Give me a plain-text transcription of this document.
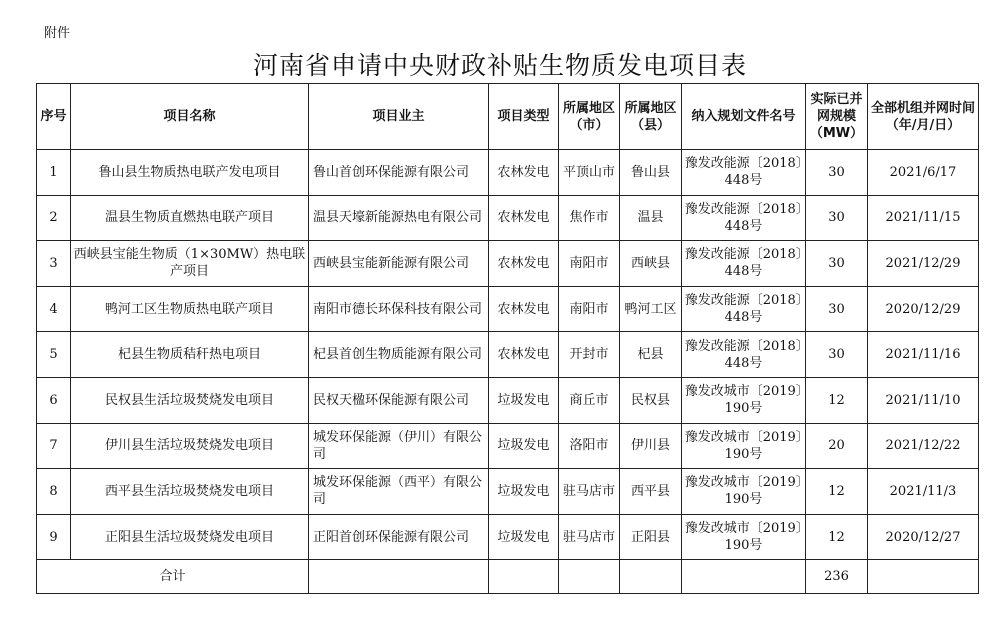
附件
河南省申请中央财政补贴生物质发电项目表
序号	项目名称	项目业主	项目类型	所属地区（市）	所属地区（县）	纳入规划文件名号	实际已并网规模（MW）	全部机组并网时间（年/月/日）
1	鲁山县生物质热电联产发电项目	鲁山首创环保能源有限公司	农林发电	平顶山市	鲁山县	豫发改能源〔2018〕448号	30	2021/6/17
2	温县生物质直燃热电联产项目	温县天壕新能源热电有限公司	农林发电	焦作市	温县	豫发改能源〔2018〕448号	30	2021/11/15
3	西峡县宝能生物质（1×30MW）热电联产项目	西峡县宝能新能源有限公司	农林发电	南阳市	西峡县	豫发改能源〔2018〕448号	30	2021/12/29
4	鸭河工区生物质热电联产项目	南阳市德长环保科技有限公司	农林发电	南阳市	鸭河工区	豫发改能源〔2018〕448号	30	2020/12/29
5	杞县生物质秸秆热电项目	杞县首创生物质能源有限公司	农林发电	开封市	杞县	豫发改能源〔2018〕448号	30	2021/11/16
6	民权县生活垃圾焚烧发电项目	民权天楹环保能源有限公司	垃圾发电	商丘市	民权县	豫发改城市〔2019〕190号	12	2021/11/10
7	伊川县生活垃圾焚烧发电项目	城发环保能源（伊川）有限公司	垃圾发电	洛阳市	伊川县	豫发改城市〔2019〕190号	20	2021/12/22
8	西平县生活垃圾焚烧发电项目	城发环保能源（西平）有限公司	垃圾发电	驻马店市	西平县	豫发改城市〔2019〕190号	12	2021/11/3
9	正阳县生活垃圾焚烧发电项目	正阳首创环保能源有限公司	垃圾发电	驻马店市	正阳县	豫发改城市〔2019〕190号	12	2020/12/27
合计							236	
